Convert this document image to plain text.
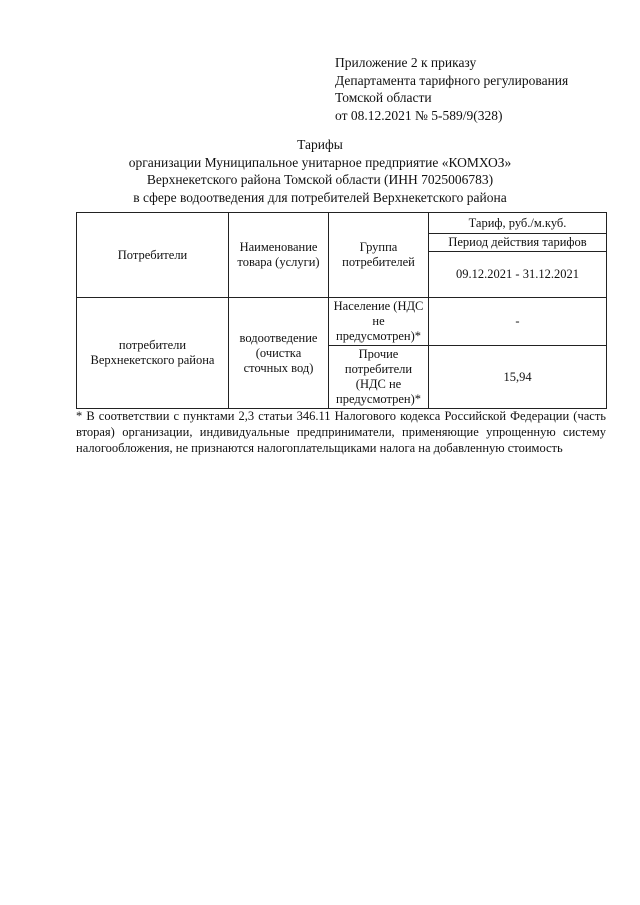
Приложение 2 к приказу
Департамента тарифного регулирования
Томской области
от 08.12.2021 № 5-589/9(328)
Тарифы
организации Муниципальное унитарное предприятие «КОМХОЗ»
Верхнекетского района Томской области (ИНН 7025006783)
в сфере водоотведения для потребителей Верхнекетского района
Потребители	Наименование товара (услуги)	Группа потребителей	Тариф, руб./м.куб.
			Период действия тарифов
			09.12.2021 - 31.12.2021
потребители Верхнекетского района	водоотведение (очистка сточных вод)	Население (НДС не предусмотрен)*	-
		Прочие потребители (НДС не предусмотрен)*	15,94
* В соответствии с пунктами 2,3 статьи 346.11 Налогового кодекса Российской Федерации (часть вторая) организации, индивидуальные предприниматели, применяющие упрощенную систему налогообложения, не признаются налогоплательщиками налога на добавленную стоимость
